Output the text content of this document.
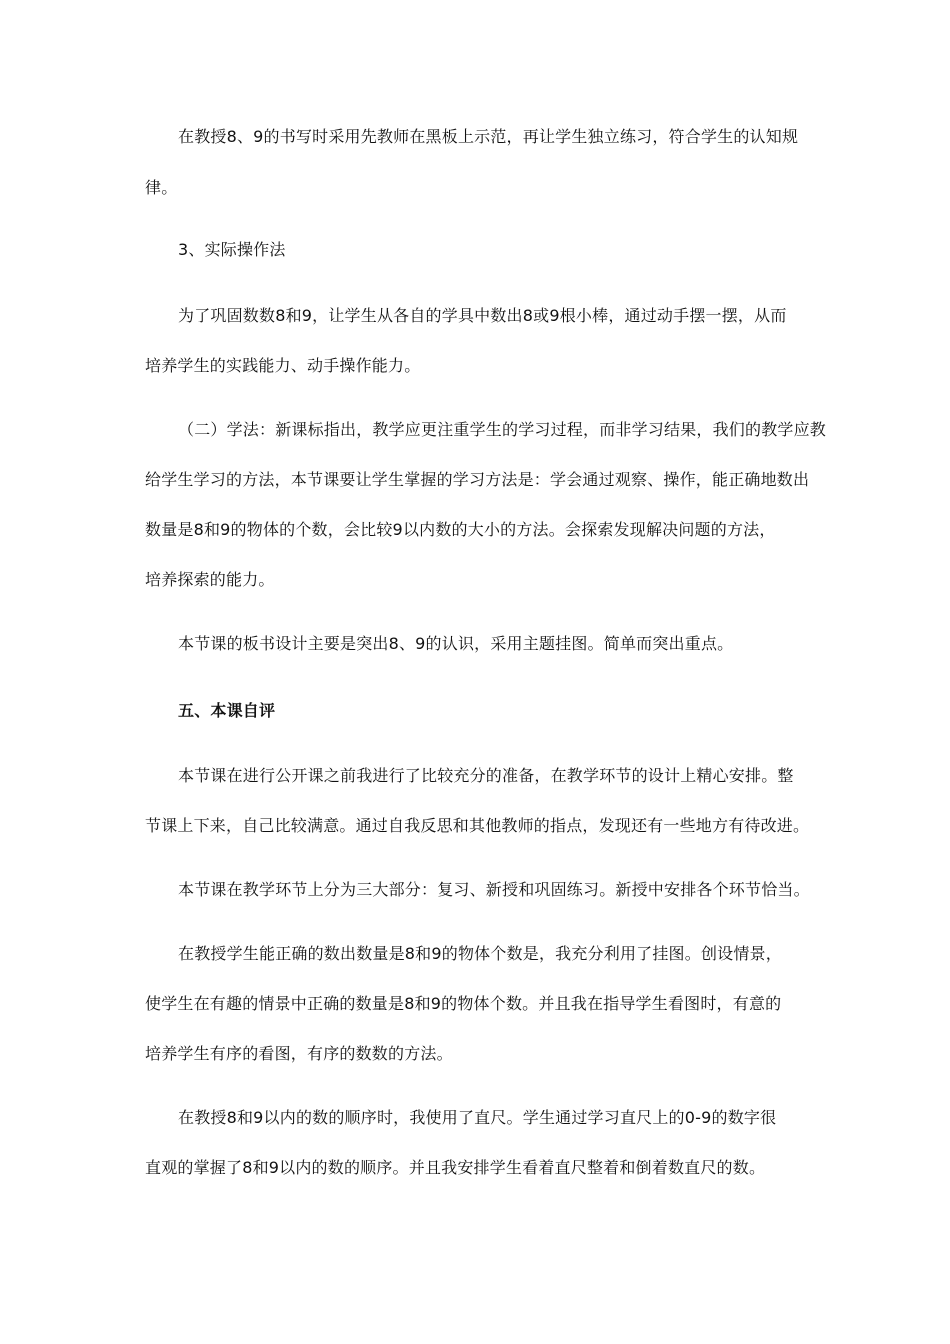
在教授8、9的书写时采用先教师在黑板上示范，再让学生独立练习，符合学生的认知规
律。
3、实际操作法
为了巩固数数8和9，让学生从各自的学具中数出8或9根小棒，通过动手摆一摆，从而
培养学生的实践能力、动手操作能力。
（二）学法：新课标指出，教学应更注重学生的学习过程，而非学习结果，我们的教学应教
给学生学习的方法，本节课要让学生掌握的学习方法是：学会通过观察、操作，能正确地数出
数量是8和9的物体的个数，会比较9以内数的大小的方法。会探索发现解决问题的方法，
培养探索的能力。
本节课的板书设计主要是突出8、9的认识，采用主题挂图。简单而突出重点。
五、本课自评
本节课在进行公开课之前我进行了比较充分的准备，在教学环节的设计上精心安排。整
节课上下来，自己比较满意。通过自我反思和其他教师的指点，发现还有一些地方有待改进。
本节课在教学环节上分为三大部分：复习、新授和巩固练习。新授中安排各个环节恰当。
在教授学生能正确的数出数量是8和9的物体个数是，我充分利用了挂图。创设情景，
使学生在有趣的情景中正确的数量是8和9的物体个数。并且我在指导学生看图时，有意的
培养学生有序的看图，有序的数数的方法。
在教授8和9以内的数的顺序时，我使用了直尺。学生通过学习直尺上的0-9的数字很
直观的掌握了8和9以内的数的顺序。并且我安排学生看着直尺整着和倒着数直尺的数。
